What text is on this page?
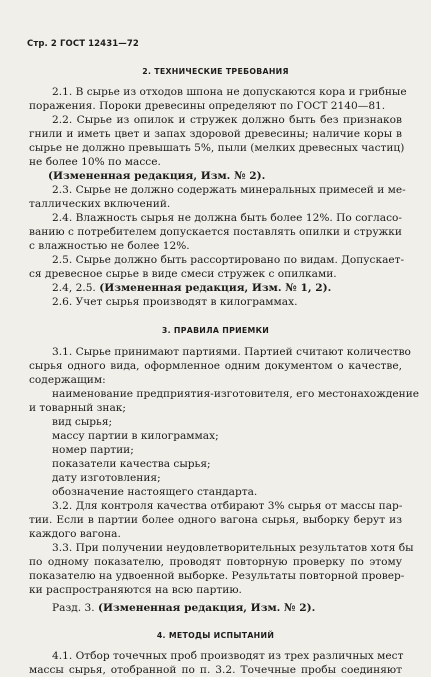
Стр. 2 ГОСТ 12431—72
2. ТЕХНИЧЕСКИЕ ТРЕБОВАНИЯ
2.1. В сырье из отходов шпона не допускаются кора и грибные
поражения. Пороки древесины определяют по ГОСТ 2140—81.
2.2. Сырье из опилок и стружек должно быть без признаков
гнили и иметь цвет и запах здоровой древесины; наличие коры в
сырье не должно превышать 5%, пыли (мелких древесных частиц)
не более 10% по массе.
(Измененная редакция, Изм. № 2).
2.3. Сырье не должно содержать минеральных примесей и ме-
таллических включений.
2.4. Влажность сырья не должна быть более 12%. По согласо-
ванию с потребителем допускается поставлять опилки и стружки
с влажностью не более 12%.
2.5. Сырье должно быть рассортировано по видам. Допускает-
ся древесное сырье в виде смеси стружек с опилками.
2.4, 2.5. (Измененная редакция, Изм. № 1, 2).
2.6. Учет сырья производят в килограммах.
3. ПРАВИЛА ПРИЕМКИ
3.1. Сырье принимают партиями. Партией считают количество
сырья одного вида, оформленное одним документом о качестве,
содержащим:
наименование предприятия-изготовителя, его местонахождение
и товарный знак;
вид сырья;
массу партии в килограммах;
номер партии;
показатели качества сырья;
дату изготовления;
обозначение настоящего стандарта.
3.2. Для контроля качества отбирают 3% сырья от массы пар-
тии. Если в партии более одного вагона сырья, выборку берут из
каждого вагона.
3.3. При получении неудовлетворительных результатов хотя бы
по одному показателю, проводят повторную проверку по этому
показателю на удвоенной выборке. Результаты повторной провер-
ки распространяются на всю партию.
Разд. 3. (Измененная редакция, Изм. № 2).
4. МЕТОДЫ ИСПЫТАНИЙ
4.1. Отбор точечных проб производят из трех различных мест
массы сырья, отобранной по п. 3.2. Точечные пробы соединяют
